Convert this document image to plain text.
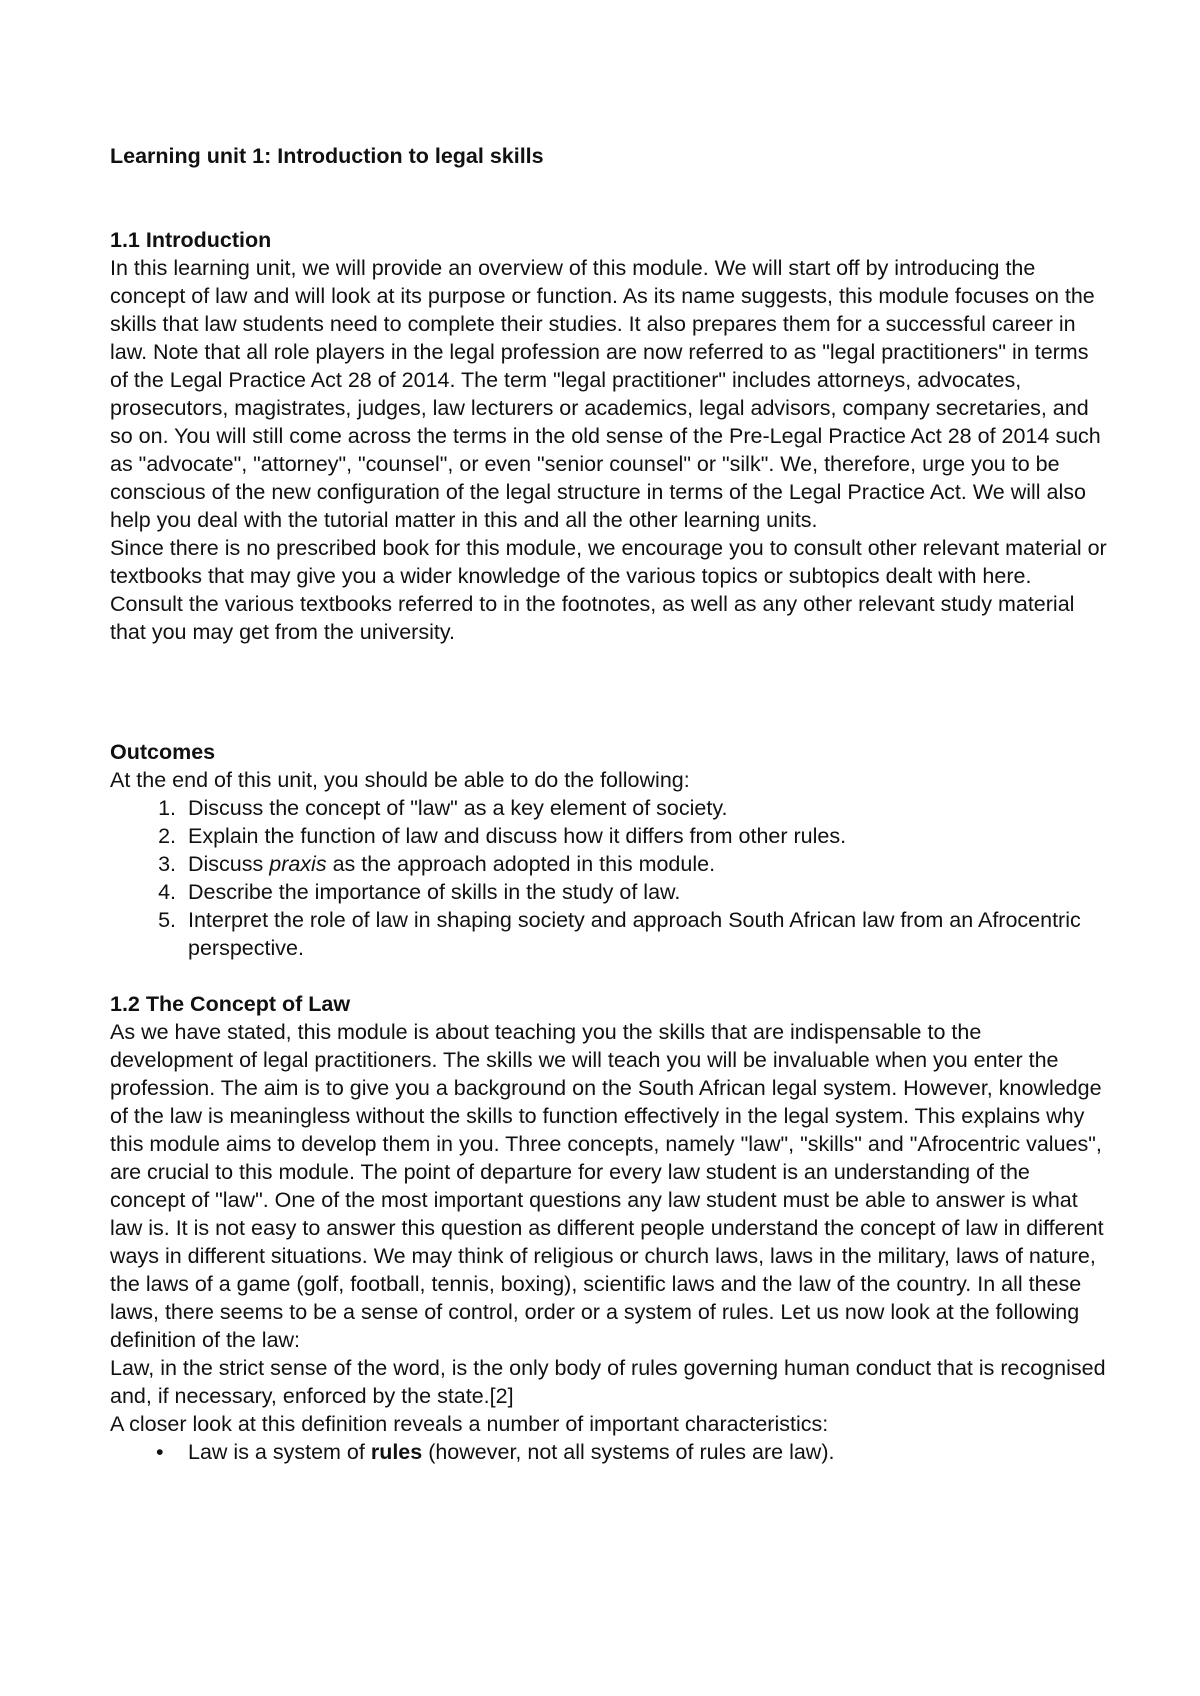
Learning unit 1: Introduction to legal skills
1.1 Introduction

In this learning unit, we will provide an overview of this module. We will start off by introducing the concept of law and will look at its purpose or function. As its name suggests, this module focuses on the skills that law students need to complete their studies. It also prepares them for a successful career in law. Note that all role players in the legal profession are now referred to as "legal practitioners" in terms of the Legal Practice Act 28 of 2014. The term "legal practitioner" includes attorneys, advocates, prosecutors, magistrates, judges, law lecturers or academics, legal advisors, company secretaries, and so on. You will still come across the terms in the old sense of the Pre-Legal Practice Act 28 of 2014 such as "advocate", "attorney", "counsel", or even "senior counsel" or "silk". We, therefore, urge you to be conscious of the new configuration of the legal structure in terms of the Legal Practice Act. We will also help you deal with the tutorial matter in this and all the other learning units.

Since there is no prescribed book for this module, we encourage you to consult other relevant material or textbooks that may give you a wider knowledge of the various topics or subtopics dealt with here. Consult the various textbooks referred to in the footnotes, as well as any other relevant study material that you may get from the university.

Outcomes

At the end of this unit, you should be able to do the following:

1. Discuss the concept of "law" as a key element of society.
2. Explain the function of law and discuss how it differs from other rules.
3. Discuss praxis as the approach adopted in this module.
4. Describe the importance of skills in the study of law.
5. Interpret the role of law in shaping society and approach South African law from an Afrocentric perspective.
1.2 The Concept of Law

As we have stated, this module is about teaching you the skills that are indispensable to the development of legal practitioners. The skills we will teach you will be invaluable when you enter the profession. The aim is to give you a background on the South African legal system. However, knowledge of the law is meaningless without the skills to function effectively in the legal system. This explains why this module aims to develop them in you. Three concepts, namely "law", "skills" and "Afrocentric values", are crucial to this module. The point of departure for every law student is an understanding of the concept of "law". One of the most important questions any law student must be able to answer is what law is. It is not easy to answer this question as different people understand the concept of law in different ways in different situations. We may think of religious or church laws, laws in the military, laws of nature, the laws of a game (golf, football, tennis, boxing), scientific laws and the law of the country. In all these laws, there seems to be a sense of control, order or a system of rules. Let us now look at the following definition of the law:

Law, in the strict sense of the word, is the only body of rules governing human conduct that is recognised and, if necessary, enforced by the state.[2]

A closer look at this definition reveals a number of important characteristics:

• Law is a system of rules (however, not all systems of rules are law).
